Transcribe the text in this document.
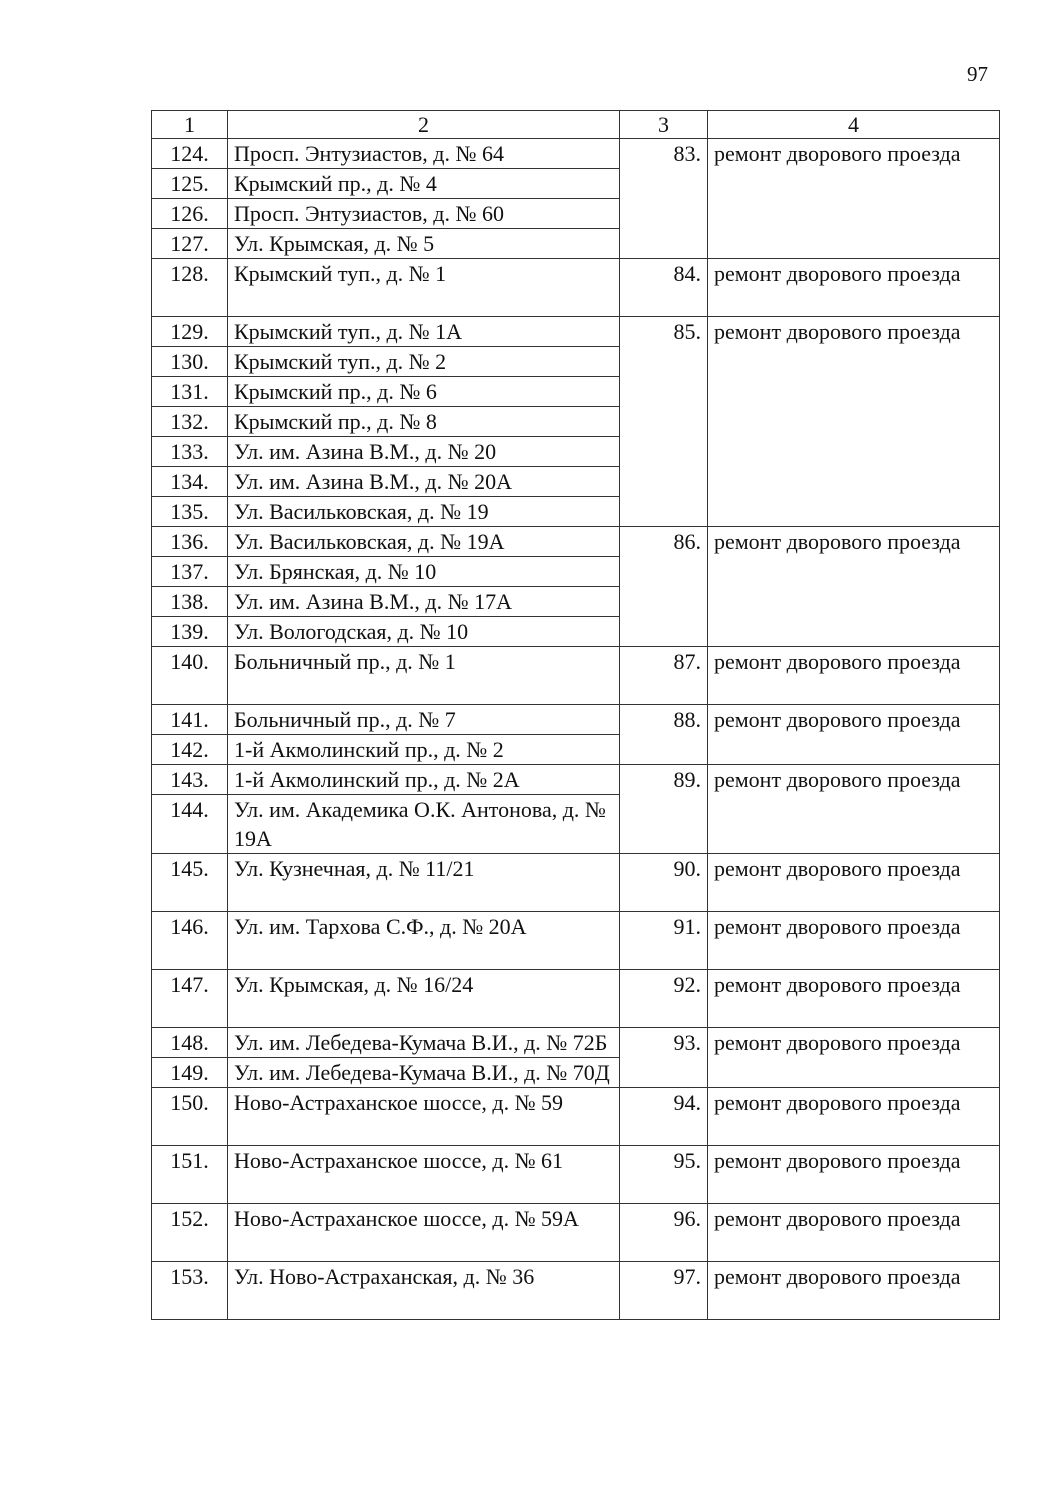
97
1	2	3	4
124.	Просп. Энтузиастов, д. № 64	83.	ремонт дворового проезда
125.	Крымский пр., д. № 4		
126.	Просп. Энтузиастов, д. № 60		
127.	Ул. Крымская, д. № 5		
128.	Крымский туп., д. № 1	84.	ремонт дворового проезда
129.	Крымский туп., д. № 1А	85.	ремонт дворового проезда
130.	Крымский туп., д. № 2		
131.	Крымский пр., д. № 6		
132.	Крымский пр., д. № 8		
133.	Ул. им. Азина В.М., д. № 20		
134.	Ул. им. Азина В.М., д. № 20А		
135.	Ул. Васильковская, д. № 19		
136.	Ул. Васильковская, д. № 19А	86.	ремонт дворового проезда
137.	Ул. Брянская, д. № 10		
138.	Ул. им. Азина В.М., д. № 17А		
139.	Ул. Вологодская, д. № 10		
140.	Больничный пр., д. № 1	87.	ремонт дворового проезда
141.	Больничный пр., д. № 7	88.	ремонт дворового проезда
142.	1-й Акмолинский пр., д. № 2		
143.	1-й Акмолинский пр., д. № 2А	89.	ремонт дворового проезда
144.	Ул. им. Академика О.К. Антонова, д. № 19А		
145.	Ул. Кузнечная, д. № 11/21	90.	ремонт дворового проезда
146.	Ул. им. Тархова С.Ф., д. № 20А	91.	ремонт дворового проезда
147.	Ул. Крымская, д. № 16/24	92.	ремонт дворового проезда
148.	Ул. им. Лебедева-Кумача В.И., д. № 72Б	93.	ремонт дворового проезда
149.	Ул. им. Лебедева-Кумача В.И., д. № 70Д		
150.	Ново-Астраханское шоссе, д. № 59	94.	ремонт дворового проезда
151.	Ново-Астраханское шоссе, д. № 61	95.	ремонт дворового проезда
152.	Ново-Астраханское шоссе, д. № 59А	96.	ремонт дворового проезда
153.	Ул. Ново-Астраханская, д. № 36	97.	ремонт дворового проезда
